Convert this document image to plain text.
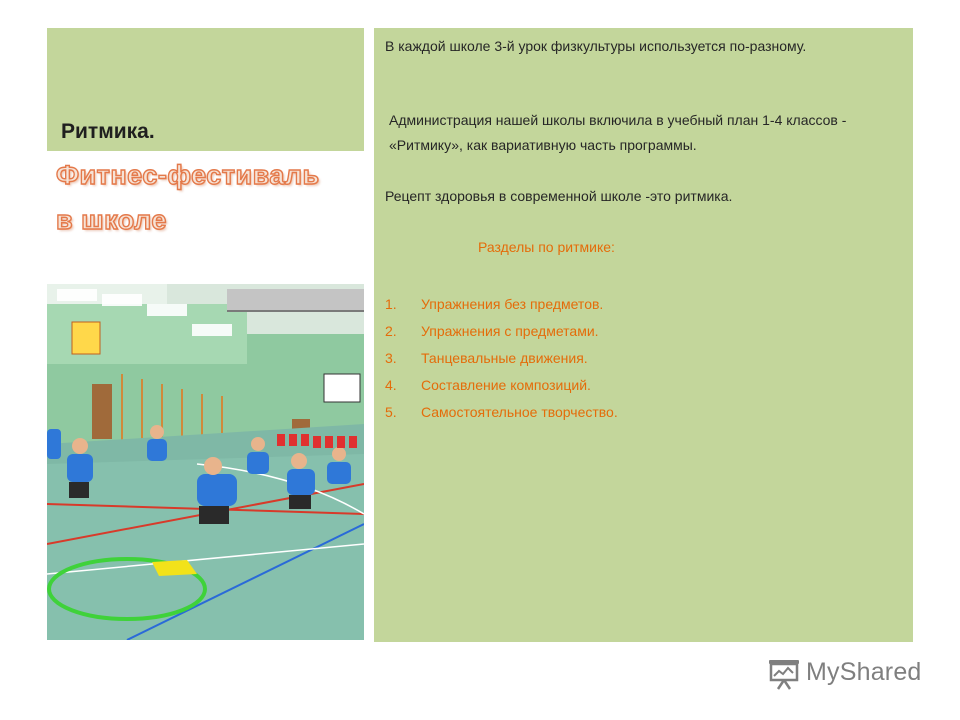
Ритмика.
Фитнес-фестиваль
в школе
В каждой школе 3-й урок физкультуры используется по-разному.
Администрация нашей школы включила в учебный план 1-4 классов - «Ритмику», как вариативную часть программы.
Рецепт здоровья в современной школе -это ритмика.
Разделы по ритмике:
1. Упражнения без предметов.
2. Упражнения с предметами.
3. Танцевальные движения.
4. Составление композиций.
5. Самостоятельное творчество.
MyShared
